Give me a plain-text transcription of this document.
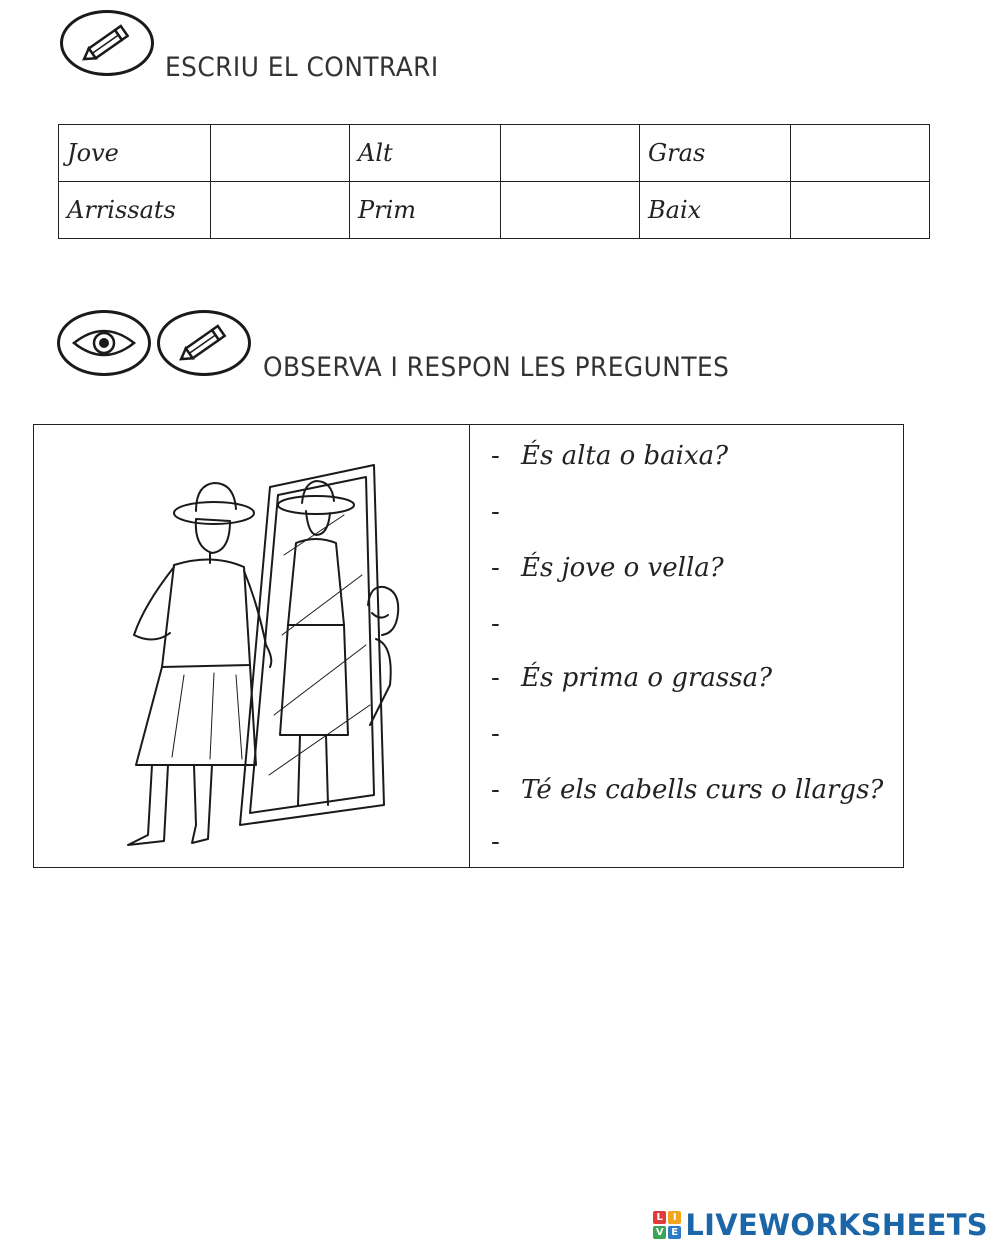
ESCRIU EL CONTRARI
Jove		Alt		Gras	
Arrissats		Prim		Baix	
OBSERVA I RESPON LES PREGUNTES
- És alta o baixa?
-
- És jove o vella?
-
- És prima o grassa?
-
- Té els cabells curs o llargs?
-
L I
V E LIVEWORKSHEETS
